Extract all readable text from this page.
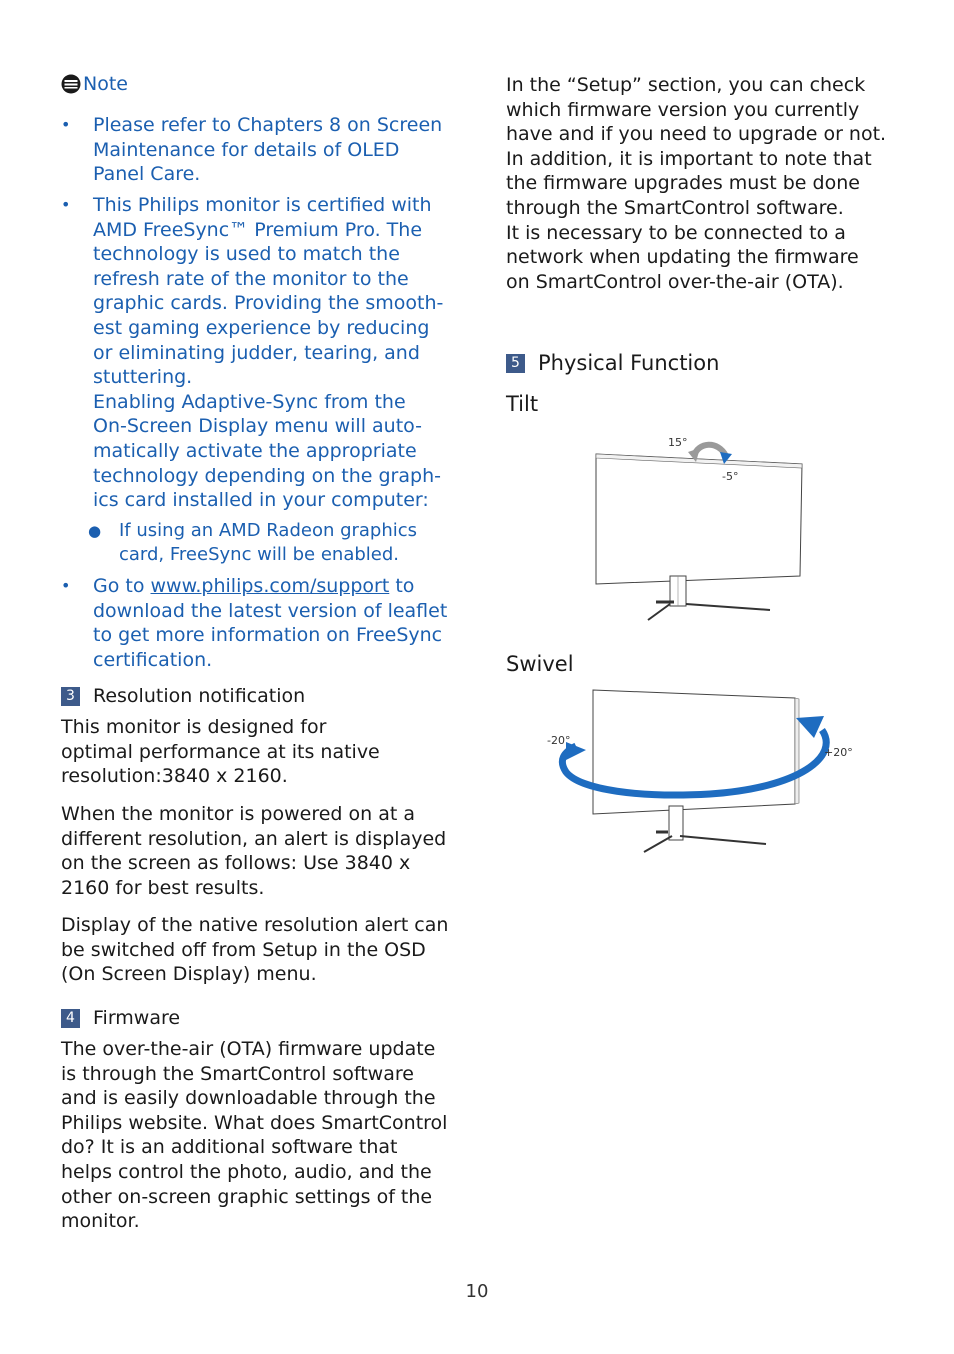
Note
• Please refer to Chapters 8 on Screen
Maintenance for details of OLED
Panel Care.
• This Philips monitor is certified with
AMD FreeSync™ Premium Pro. The
technology is used to match the
refresh rate of the monitor to the
graphic cards. Providing the smooth-
est gaming experience by reducing
or eliminating judder, tearing, and
stuttering.
Enabling Adaptive-Sync from the
On-Screen Display menu will auto-
matically activate the appropriate
technology depending on the graph-
ics card installed in your computer:
● If using an AMD Radeon graphics
card, FreeSync will be enabled.
• Go to www.philips.com/support to
download the latest version of leaflet
to get more information on FreeSync
certification.
3 Resolution notification
This monitor is designed for
optimal performance at its native
resolution:3840 x 2160.
When the monitor is powered on at a
different resolution, an alert is displayed
on the screen as follows: Use 3840 x
2160 for best results.
Display of the native resolution alert can
be switched off from Setup in the OSD
(On Screen Display) menu.
4 Firmware
The over-the-air (OTA) firmware update
is through the SmartControl software
and is easily downloadable through the
Philips website. What does SmartControl
do? It is an additional software that
helps control the photo, audio, and the
other on-screen graphic settings of the
monitor.
In the “Setup” section, you can check
which firmware version you currently
have and if you need to upgrade or not.
In addition, it is important to note that
the firmware upgrades must be done
through the SmartControl software.
It is necessary to be connected to a
network when updating the firmware
on SmartControl over-the-air (OTA).
5 Physical Function
Tilt
15°
-5°
Swivel
-20°
+20°
10
